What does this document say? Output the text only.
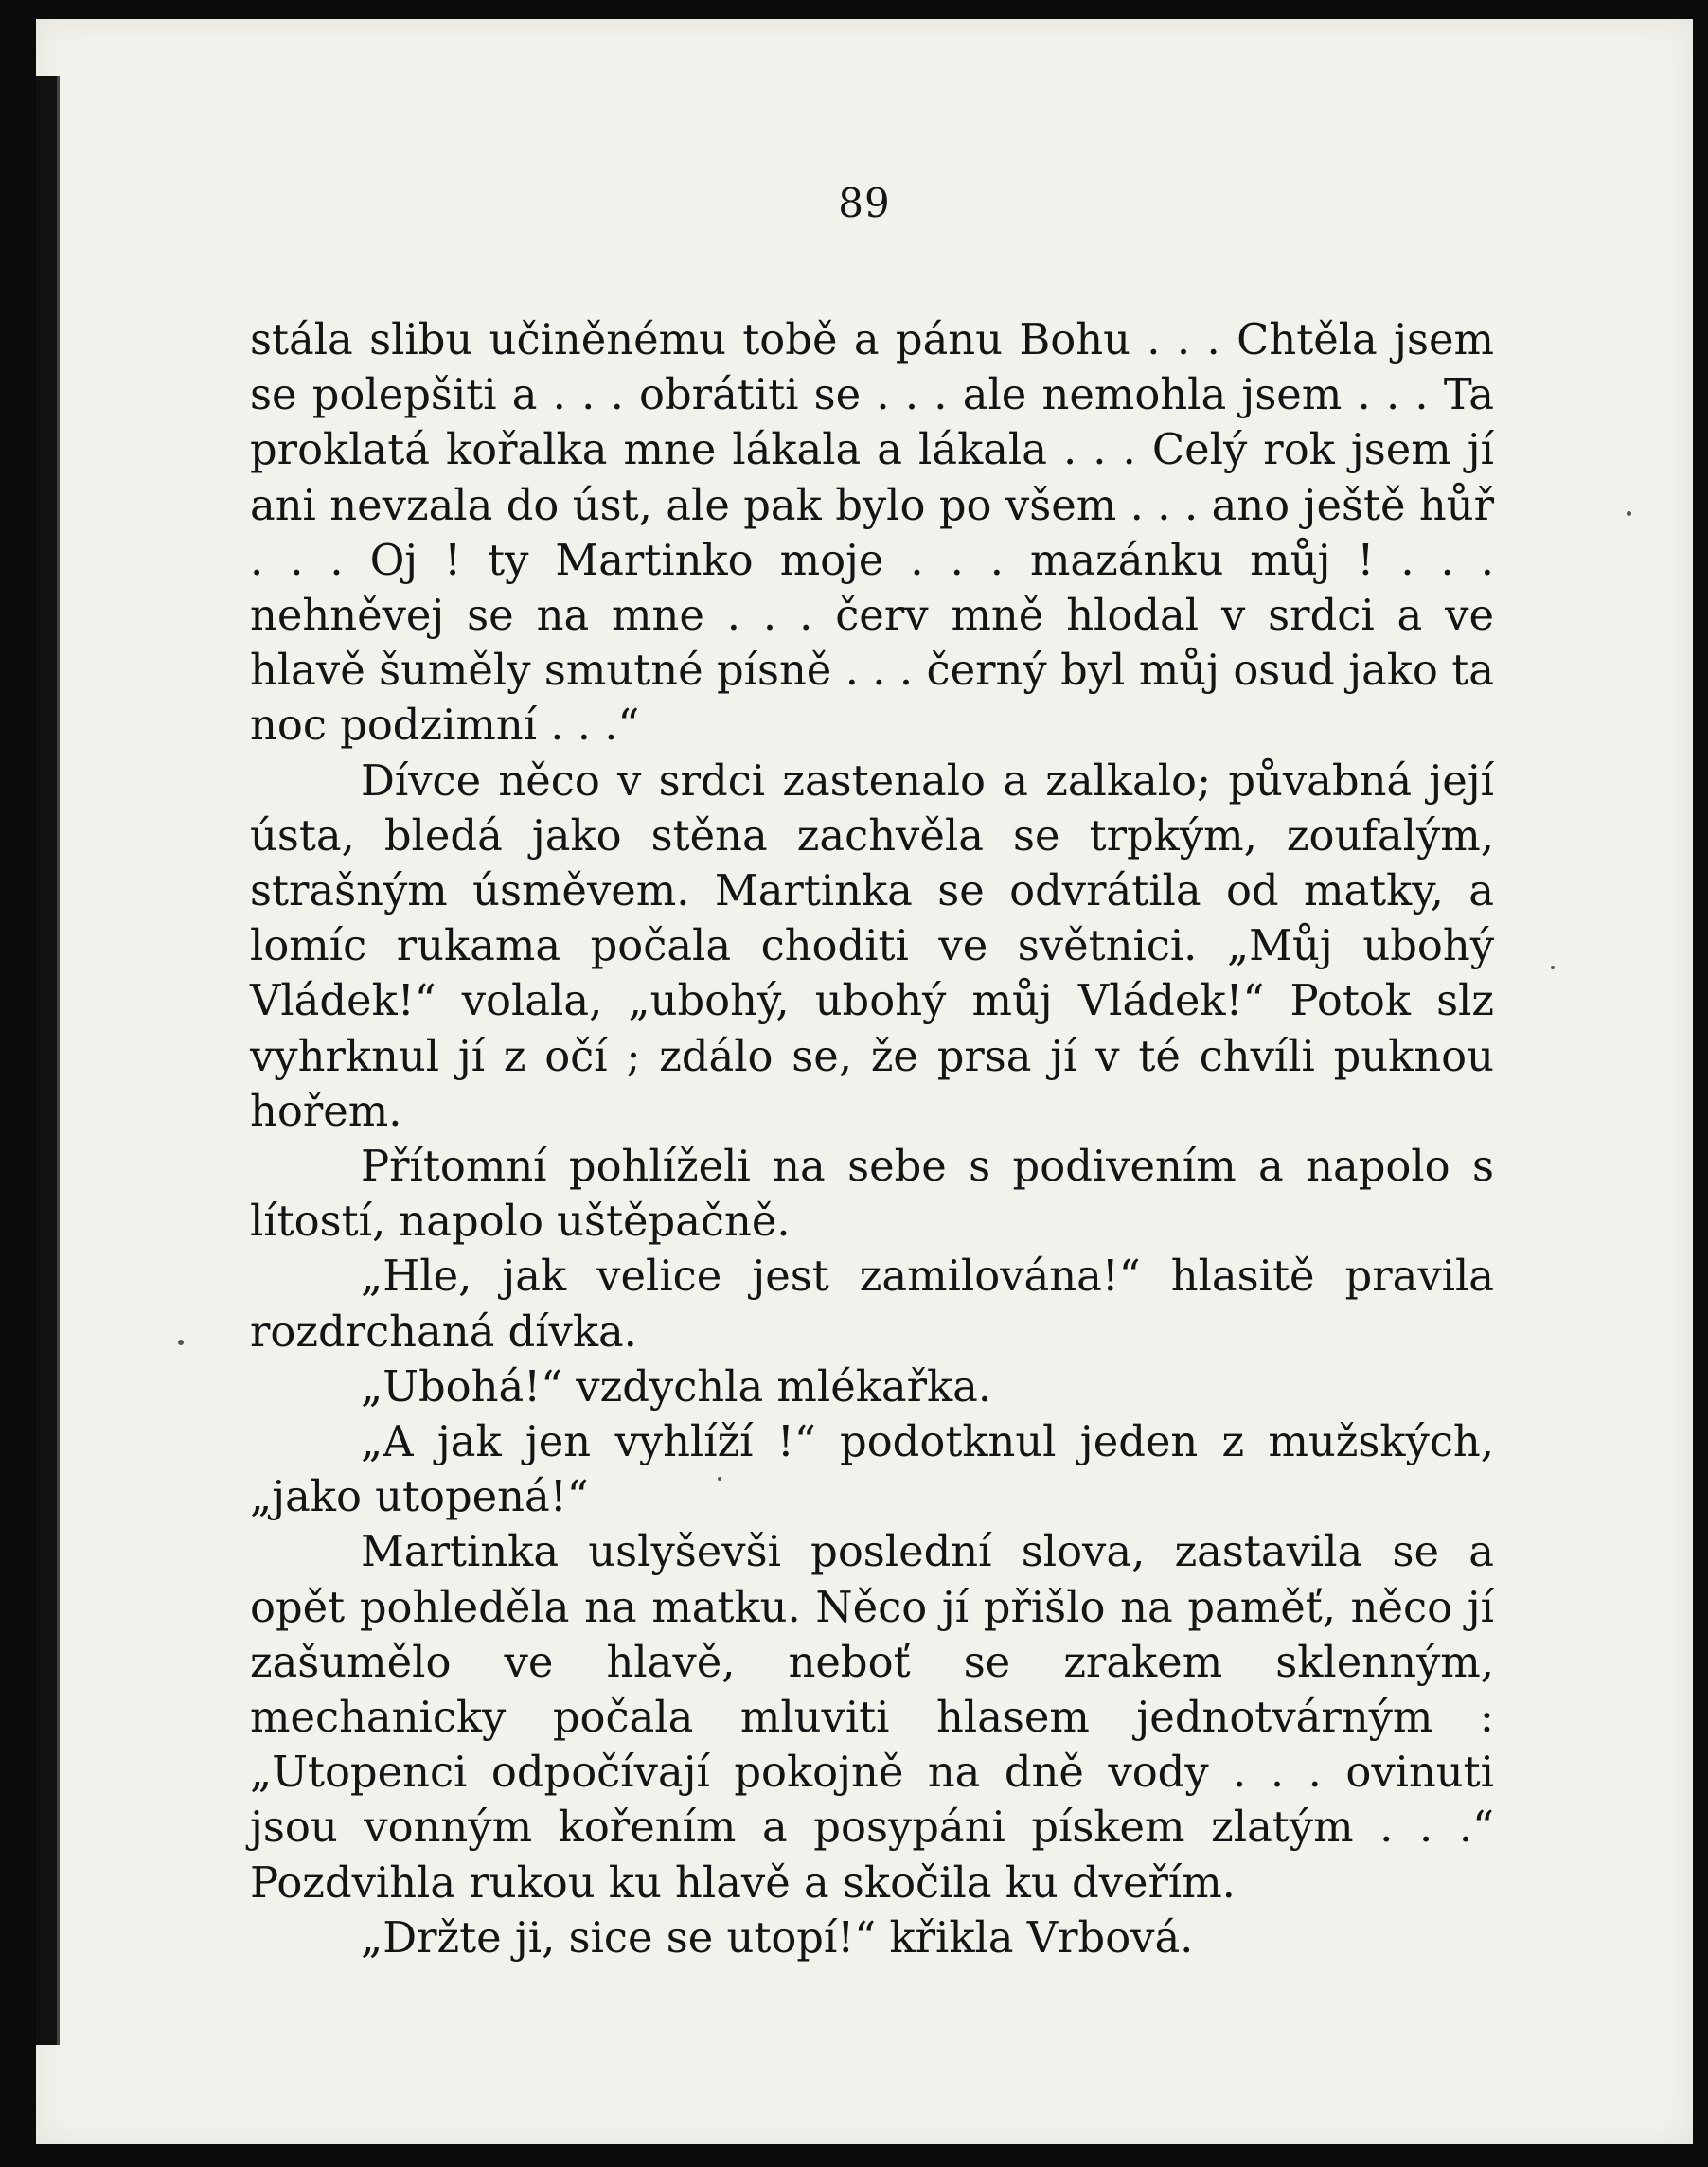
89

stála slibu učiněnému tobě a pánu Bohu . . . Chtěla jsem se polepšiti a . . . obrátiti se . . . ale nemohla jsem . . . Ta proklatá kořalka mne lákala a lákala . . . Celý rok jsem jí ani nevzala do úst, ale pak bylo po všem . . . ano ještě hůř . . . Oj ! ty Martinko moje . . . mazánku můj ! . . . nehněvej se na mne . . . červ mně hlodal v srdci a ve hlavě šuměly smutné písně . . . černý byl můj osud jako ta noc podzimní . . .“

Dívce něco v srdci zastenalo a zalkalo; půvabná její ústa, bledá jako stěna zachvěla se trpkým, zoufalým, strašným úsměvem. Martinka se odvrátila od matky, a lomíc rukama počala choditi ve světnici. „Můj ubohý Vládek!“ volala, „ubohý, ubohý můj Vládek!“ Potok slz vyhrknul jí z očí ; zdálo se, že prsa jí v té chvíli puknou hořem.

Přítomní pohlíželi na sebe s podivením a napolo s lítostí, napolo uštěpačně.

„Hle, jak velice jest zamilována!“ hlasitě pravila rozdrchaná dívka.

„Ubohá!“ vzdychla mlékařka.

„A jak jen vyhlíží !“ podotknul jeden z mužských, „jako utopená!“

Martinka uslyševši poslední slova, zastavila se a opět pohleděla na matku. Něco jí přišlo na paměť, něco jí zašumělo ve hlavě, neboť se zrakem sklenným, mechanicky počala mluviti hlasem jednotvárným : „Utopenci odpočívají pokojně na dně vody . . . ovinuti jsou vonným kořením a posypáni pískem zlatým . . .“ Pozdvihla rukou ku hlavě a skočila ku dveřím.

„Držte ji, sice se utopí!“ křikla Vrbová.
